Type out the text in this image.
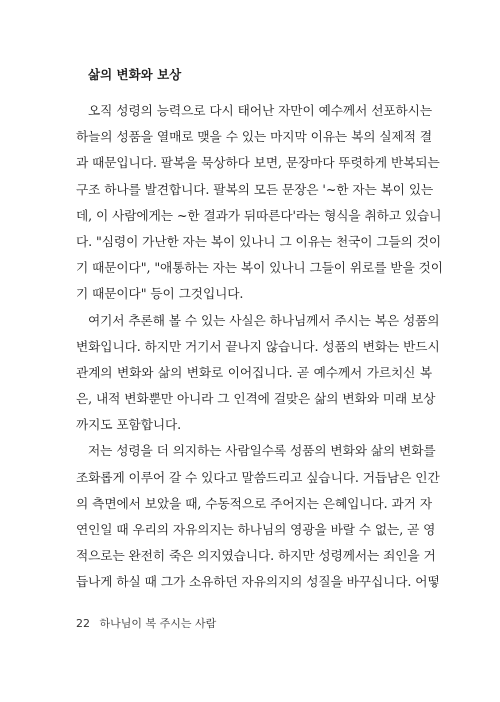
삶의 변화와 보상

오직 성령의 능력으로 다시 태어난 자만이 예수께서 선포하시는
하늘의 성품을 열매로 맺을 수 있는 마지막 이유는 복의 실제적 결
과 때문입니다. 팔복을 묵상하다 보면, 문장마다 뚜렷하게 반복되는
구조 하나를 발견합니다. 팔복의 모든 문장은 '~한 자는 복이 있는
데, 이 사람에게는 ~한 결과가 뒤따른다'라는 형식을 취하고 있습니
다. "심령이 가난한 자는 복이 있나니 그 이유는 천국이 그들의 것이
기 때문이다", "애통하는 자는 복이 있나니 그들이 위로를 받을 것이
기 때문이다" 등이 그것입니다.

여기서 추론해 볼 수 있는 사실은 하나님께서 주시는 복은 성품의
변화입니다. 하지만 거기서 끝나지 않습니다. 성품의 변화는 반드시
관계의 변화와 삶의 변화로 이어집니다. 곧 예수께서 가르치신 복
은, 내적 변화뿐만 아니라 그 인격에 걸맞은 삶의 변화와 미래 보상
까지도 포함합니다.

저는 성령을 더 의지하는 사람일수록 성품의 변화와 삶의 변화를
조화롭게 이루어 갈 수 있다고 말씀드리고 싶습니다. 거듭남은 인간
의 측면에서 보았을 때, 수동적으로 주어지는 은혜입니다. 과거 자
연인일 때 우리의 자유의지는 하나님의 영광을 바랄 수 없는, 곧 영
적으로는 완전히 죽은 의지였습니다. 하지만 성령께서는 죄인을 거
듭나게 하실 때 그가 소유하던 자유의지의 성질을 바꾸십니다. 어떻

22 하나님이 복 주시는 사람
